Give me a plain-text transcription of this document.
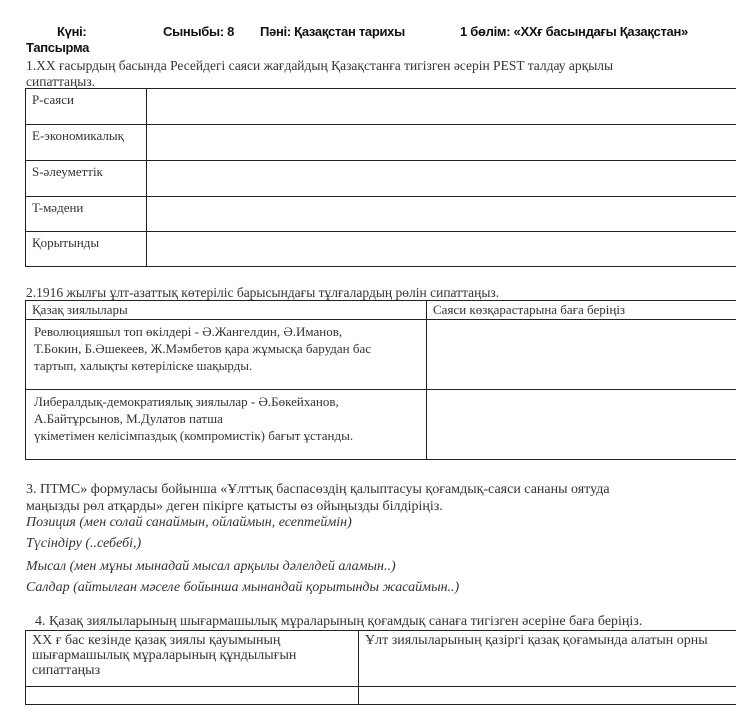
Күні:	Сыныбы: 8 Пәні: Қазақстан тарихы	1 бөлім: «ХХғ басындағы Қазақстан»
Тапсырма
1.ХХ ғасырдың басында Ресейдегі саяси жағдайдың Қазақстанға тигізген әсерін PEST талдау арқылы
сипаттаңыз.
P-саяси	
E-экономикалық	
S-әлеуметтік	
T-мәдени	
Қорытынды	
2.1916 жылғы ұлт-азаттық көтеріліс барысындағы тұлғалардың рөлін сипаттаңыз.
Қазақ зиялылары	Саяси көзқарастарына баға беріңіз

Революцияшыл топ өкілдері - Ә.Жангелдин, Ә.Иманов,
Т.Бокин, Б.Әшекеев, Ж.Мәмбетов қара жұмысқа барудан бас
тартып, халықты көтеріліске шақырды.	

Либералдық-демократиялық зиялылар - Ә.Бөкейханов,
А.Байтұрсынов, М.Дулатов патша
үкіметімен келісімпаздық (компромистік) бағыт ұстанды.	

3. ПТМС» формуласы бойынша «Ұлттық баспасөздің қалыптасуы қоғамдық-саяси сананы оятуда
маңызды рөл атқарды» деген пікірге қатысты өз ойыңызды білдіріңіз.
Позиция (мен солай санаймын, ойлаймын, есептеймін)
Түсіндіру (..себебі,)
Мысал (мен мұны мынадай мысал арқылы дәлелдей аламын..)
Салдар (айтылған мәселе бойынша мынандай қорытынды жасаймын..)
4. Қазақ зиялыларының шығармашылық мұраларының қоғамдық санаға тигізген әсеріне баға беріңіз.
ХХ ғ бас кезінде қазақ зиялы қауымының
шығармашылық мұраларының құндылығын
сипаттаңыз	Ұлт зиялыларының қазіргі қазақ қоғамында алатын орны
